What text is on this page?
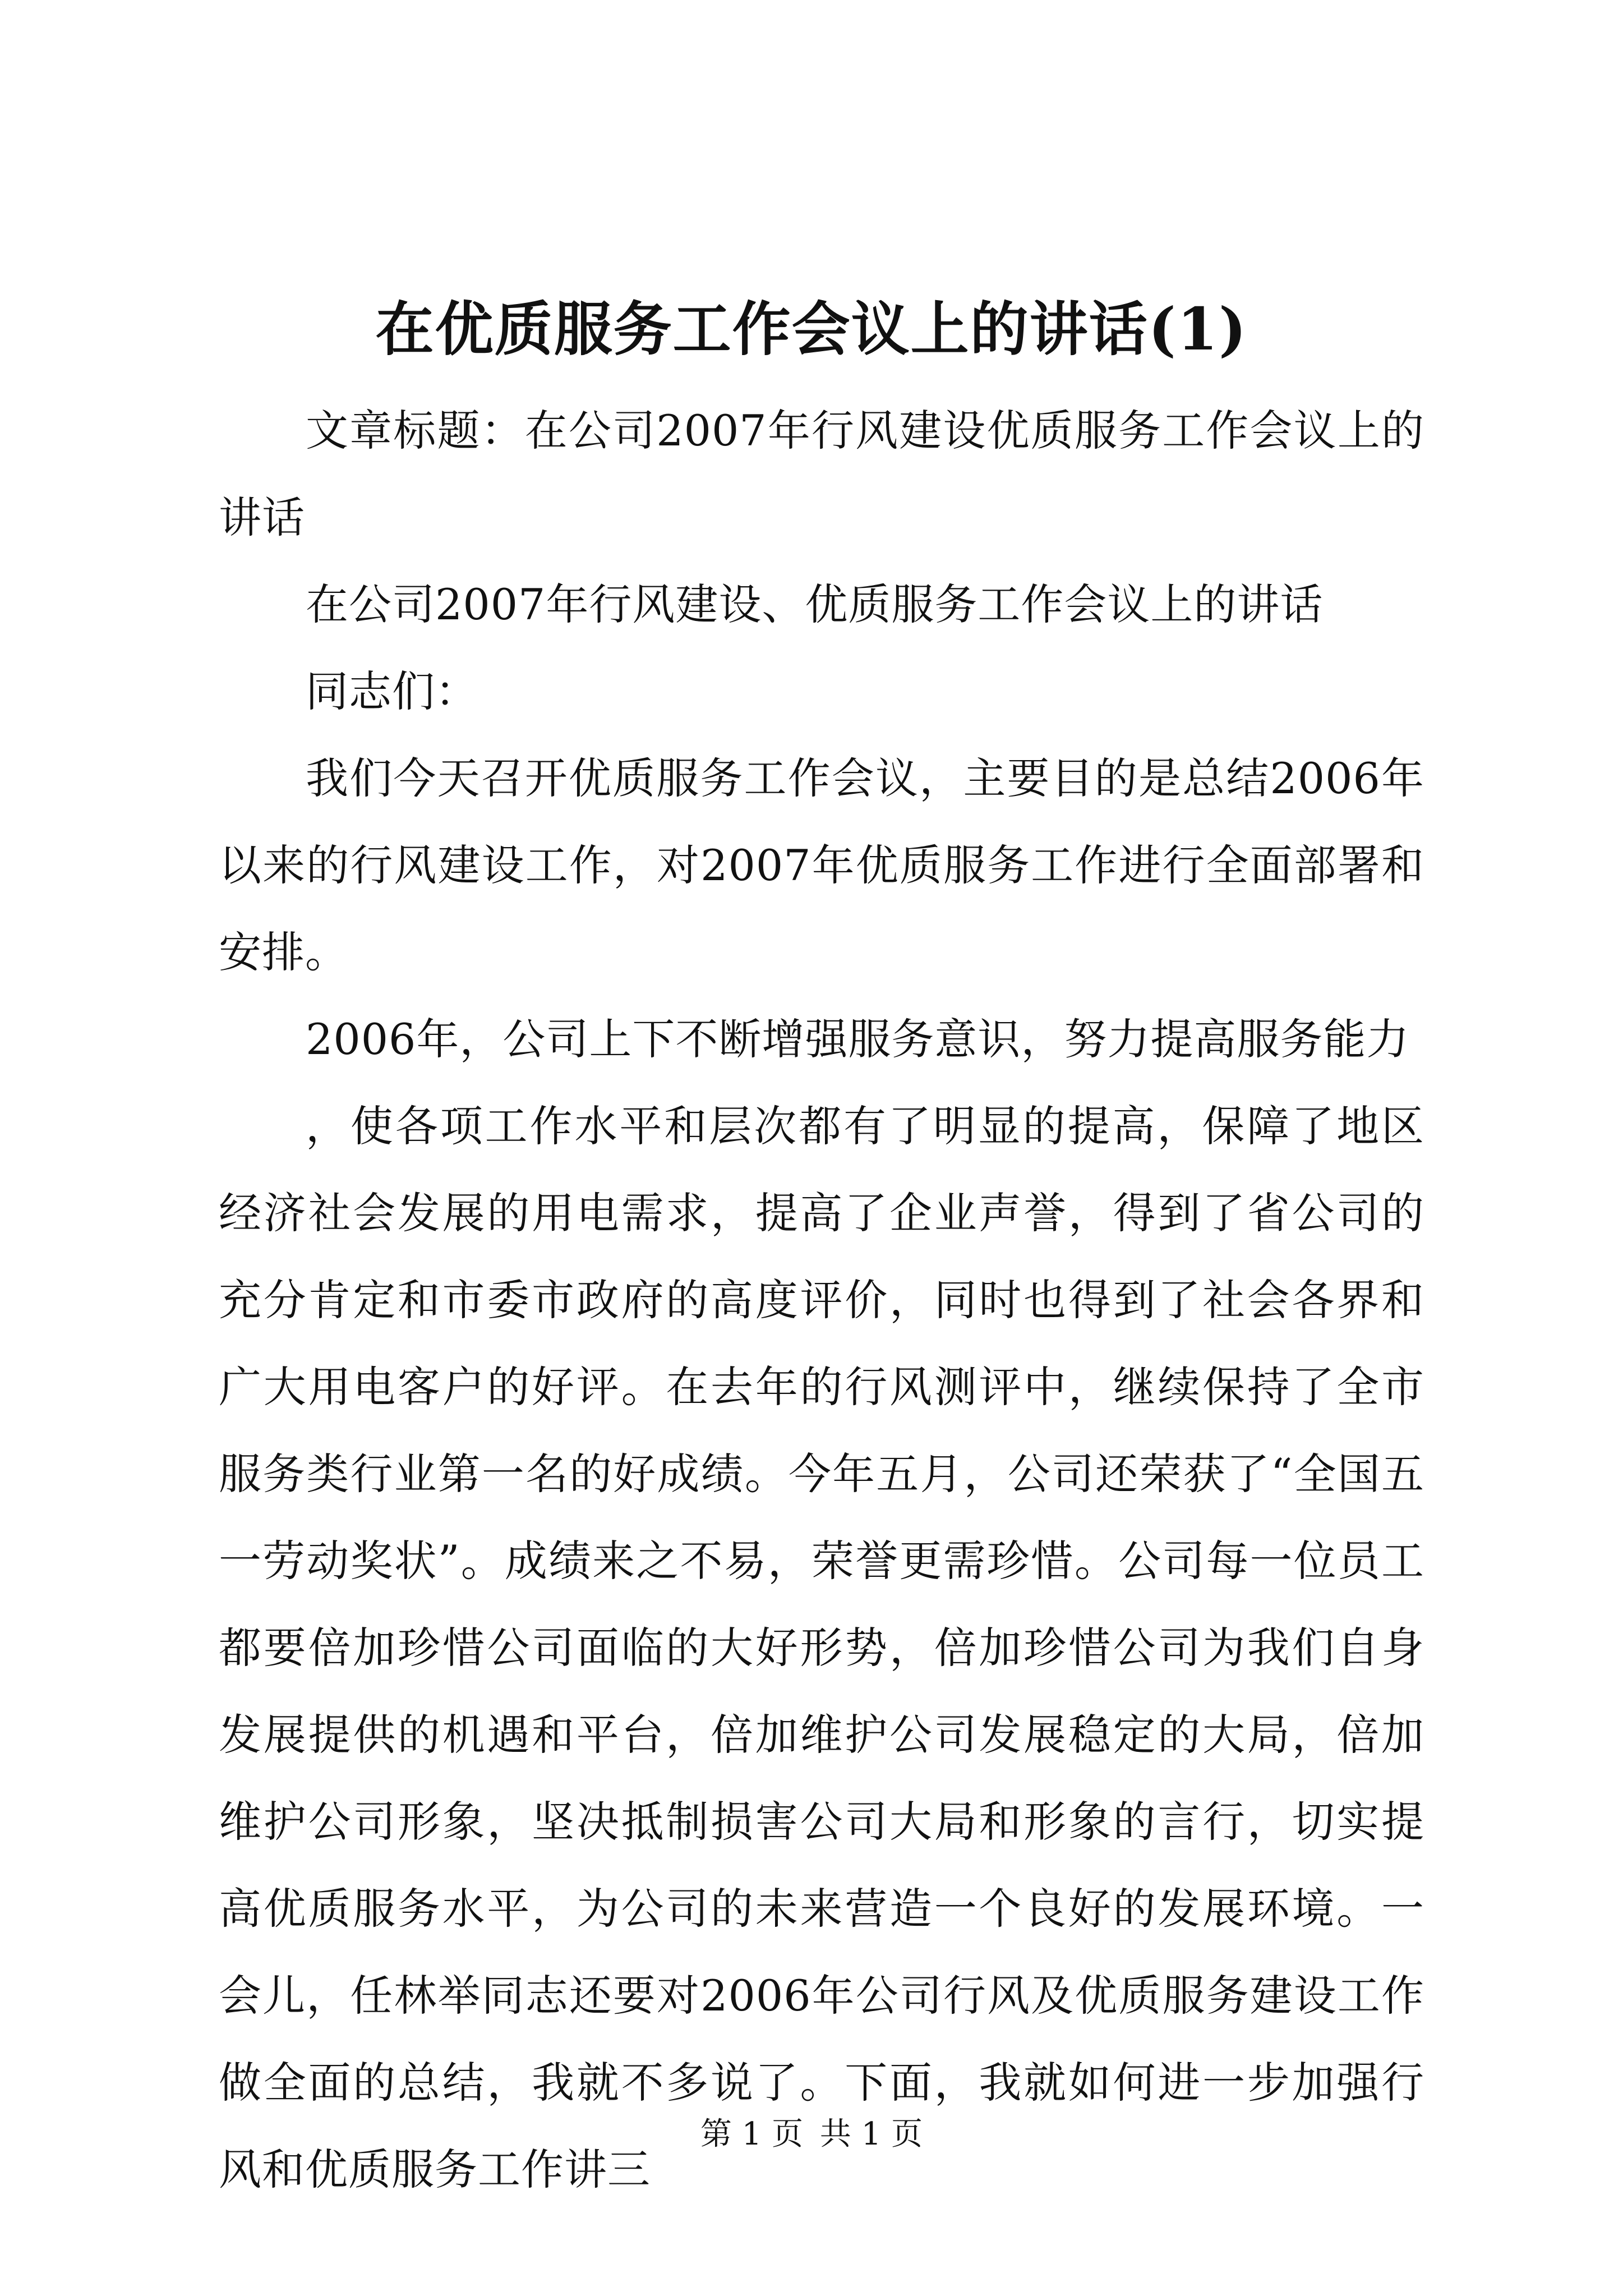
在优质服务工作会议上的讲话(1)

文章标题：在公司2007年行风建设优质服务工作会议上的讲话

在公司2007年行风建设、优质服务工作会议上的讲话

同志们：

我们今天召开优质服务工作会议，主要目的是总结2006年以来的行风建设工作，对2007年优质服务工作进行全面部署和安排。

2006年，公司上下不断增强服务意识，努力提高服务能力

，使各项工作水平和层次都有了明显的提高，保障了地区经济社会发展的用电需求，提高了企业声誉，得到了省公司的充分肯定和市委市政府的高度评价，同时也得到了社会各界和广大用电客户的好评。在去年的行风测评中，继续保持了全市服务类行业第一名的好成绩。今年五月，公司还荣获了“全国五一劳动奖状”。成绩来之不易，荣誉更需珍惜。公司每一位员工都要倍加珍惜公司面临的大好形势，倍加珍惜公司为我们自身发展提供的机遇和平台，倍加维护公司发展稳定的大局，倍加维护公司形象，坚决抵制损害公司大局和形象的言行，切实提高优质服务水平，为公司的未来营造一个良好的发展环境。一会儿，任林举同志还要对2006年公司行风及优质服务建设工作做全面的总结，我就不多说了。下面，我就如何进一步加强行风和优质服务工作讲三

第 1 页 共 1 页
